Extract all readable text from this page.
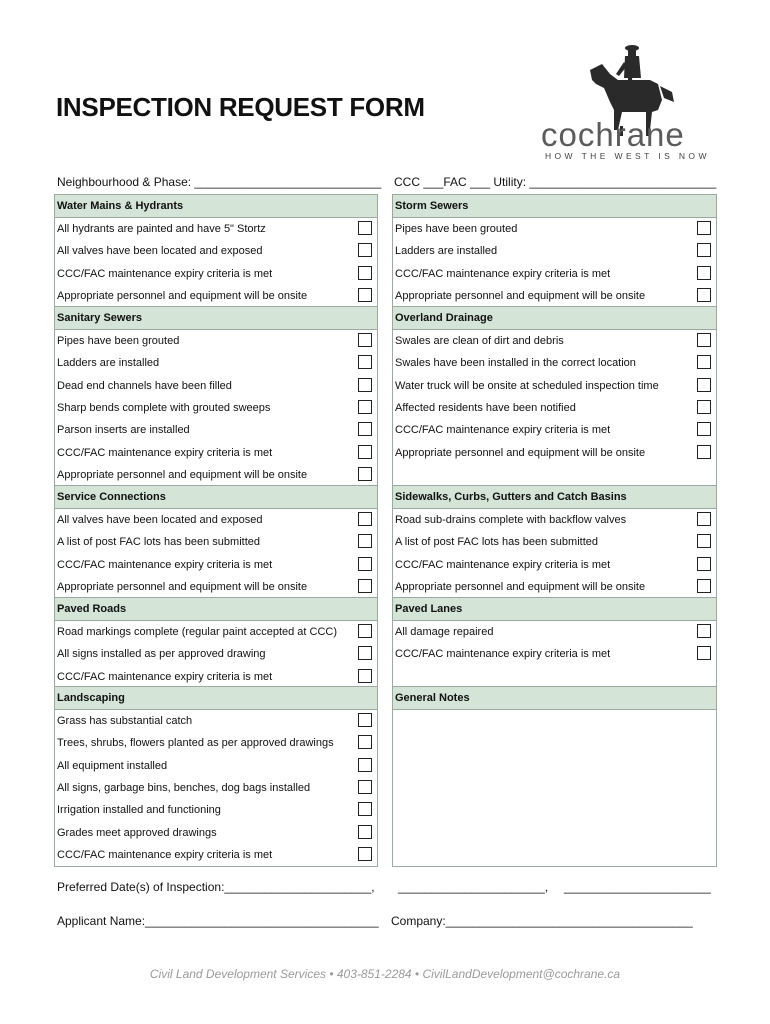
INSPECTION REQUEST FORM
cochrane
HOW THE WEST IS NOW
Neighbourhood & Phase: ____________________________ CCC ___FAC ___ Utility: ____________________________
Water Mains & Hydrants
All hydrants are painted and have 5" Stortz
All valves have been located and exposed
CCC/FAC maintenance expiry criteria is met
Appropriate personnel and equipment will be onsite
Sanitary Sewers
Pipes have been grouted
Ladders are installed
Dead end channels have been filled
Sharp bends complete with grouted sweeps
Parson inserts are installed
CCC/FAC maintenance expiry criteria is met
Appropriate personnel and equipment will be onsite
Service Connections
All valves have been located and exposed
A list of post FAC lots has been submitted
CCC/FAC maintenance expiry criteria is met
Appropriate personnel and equipment will be onsite
Paved Roads
Road markings complete (regular paint accepted at CCC)
All signs installed as per approved drawing
CCC/FAC maintenance expiry criteria is met
Landscaping
Grass has substantial catch
Trees, shrubs, flowers planted as per approved drawings
All equipment installed
All signs, garbage bins, benches, dog bags installed
Irrigation installed and functioning
Grades meet approved drawings
CCC/FAC maintenance expiry criteria is met
Storm Sewers
Pipes have been grouted
Ladders are installed
CCC/FAC maintenance expiry criteria is met
Appropriate personnel and equipment will be onsite
Overland Drainage
Swales are clean of dirt and debris
Swales have been installed in the correct location
Water truck will be onsite at scheduled inspection time
Affected residents have been notified
CCC/FAC maintenance expiry criteria is met
Appropriate personnel and equipment will be onsite
Sidewalks, Curbs, Gutters and Catch Basins
Road sub-drains complete with backflow valves
A list of post FAC lots has been submitted
CCC/FAC maintenance expiry criteria is met
Appropriate personnel and equipment will be onsite
Paved Lanes
All damage repaired
CCC/FAC maintenance expiry criteria is met
General Notes
Preferred Date(s) of Inspection:______________________, ______________________, ______________________
Applicant Name:___________________________________ Company:_____________________________________
Civil Land Development Services • 403-851-2284 • CivilLandDevelopment@cochrane.ca
